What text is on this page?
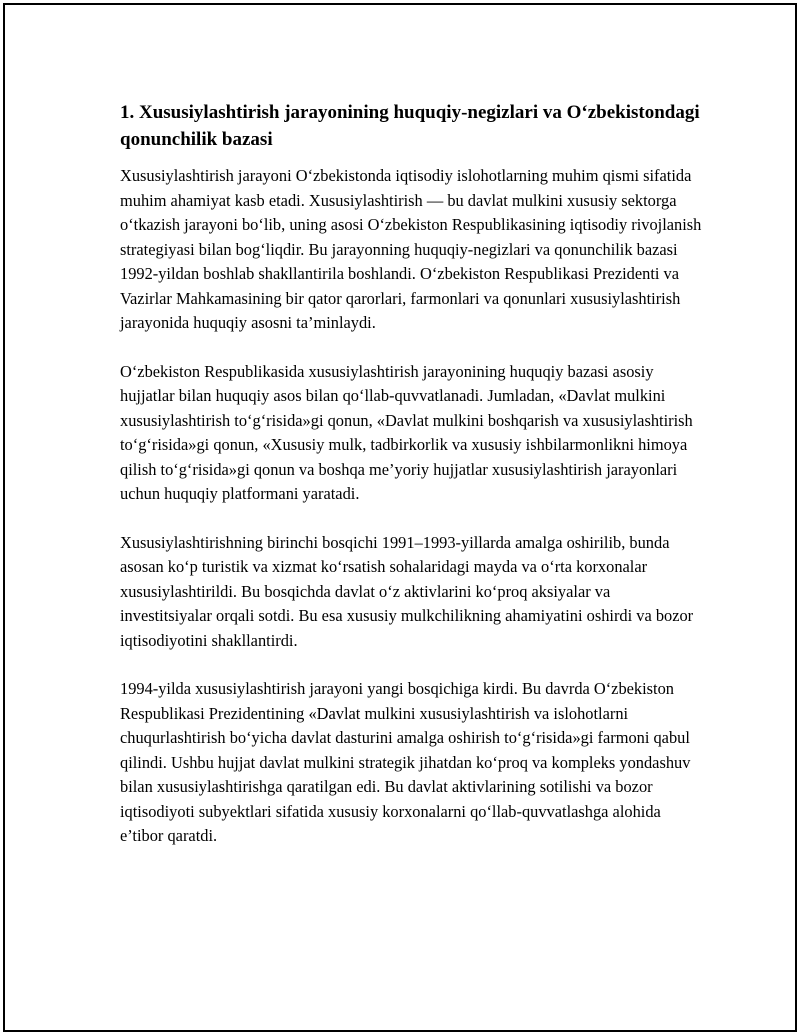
1. Xususiylashtirish jarayonining huquqiy-negizlari va O‘zbekistondagi qonunchilik bazasi

Xususiylashtirish jarayoni O‘zbekistonda iqtisodiy islohotlarning muhim qismi sifatida muhim ahamiyat kasb etadi. Xususiylashtirish — bu davlat mulkini xususiy sektorga o‘tkazish jarayoni bo‘lib, uning asosi O‘zbekiston Respublikasining iqtisodiy rivojlanish strategiyasi bilan bog‘liqdir. Bu jarayonning huquqiy-negizlari va qonunchilik bazasi 1992-yildan boshlab shakllantirila boshlandi. O‘zbekiston Respublikasi Prezidenti va Vazirlar Mahkamasining bir qator qarorlari, farmonlari va qonunlari xususiylashtirish jarayonida huquqiy asosni ta’minlaydi.

O‘zbekiston Respublikasida xususiylashtirish jarayonining huquqiy bazasi asosiy hujjatlar bilan huquqiy asos bilan qo‘llab-quvvatlanadi. Jumladan, «Davlat mulkini xususiylashtirish to‘g‘risida»gi qonun, «Davlat mulkini boshqarish va xususiylashtirish to‘g‘risida»gi qonun, «Xususiy mulk, tadbirkorlik va xususiy ishbilarmonlikni himoya qilish to‘g‘risida»gi qonun va boshqa me’yoriy hujjatlar xususiylashtirish jarayonlari uchun huquqiy platformani yaratadi.

Xususiylashtirishning birinchi bosqichi 1991–1993-yillarda amalga oshirilib, bunda asosan ko‘p turistik va xizmat ko‘rsatish sohalaridagi mayda va o‘rta korxonalar xususiylashtirildi. Bu bosqichda davlat o‘z aktivlarini ko‘proq aksiyalar va investitsiyalar orqali sotdi. Bu esa xususiy mulkchilikning ahamiyatini oshirdi va bozor iqtisodiyotini shakllantirdi.

1994-yilda xususiylashtirish jarayoni yangi bosqichiga kirdi. Bu davrda O‘zbekiston Respublikasi Prezidentining «Davlat mulkini xususiylashtirish va islohotlarni chuqurlashtirish bo‘yicha davlat dasturini amalga oshirish to‘g‘risida»gi farmoni qabul qilindi. Ushbu hujjat davlat mulkini strategik jihatdan ko‘proq va kompleks yondashuv bilan xususiylashtirishga qaratilgan edi. Bu davlat aktivlarining sotilishi va bozor iqtisodiyoti subyektlari sifatida xususiy korxonalarni qo‘llab-quvvatlashga alohida e’tibor qaratdi.
